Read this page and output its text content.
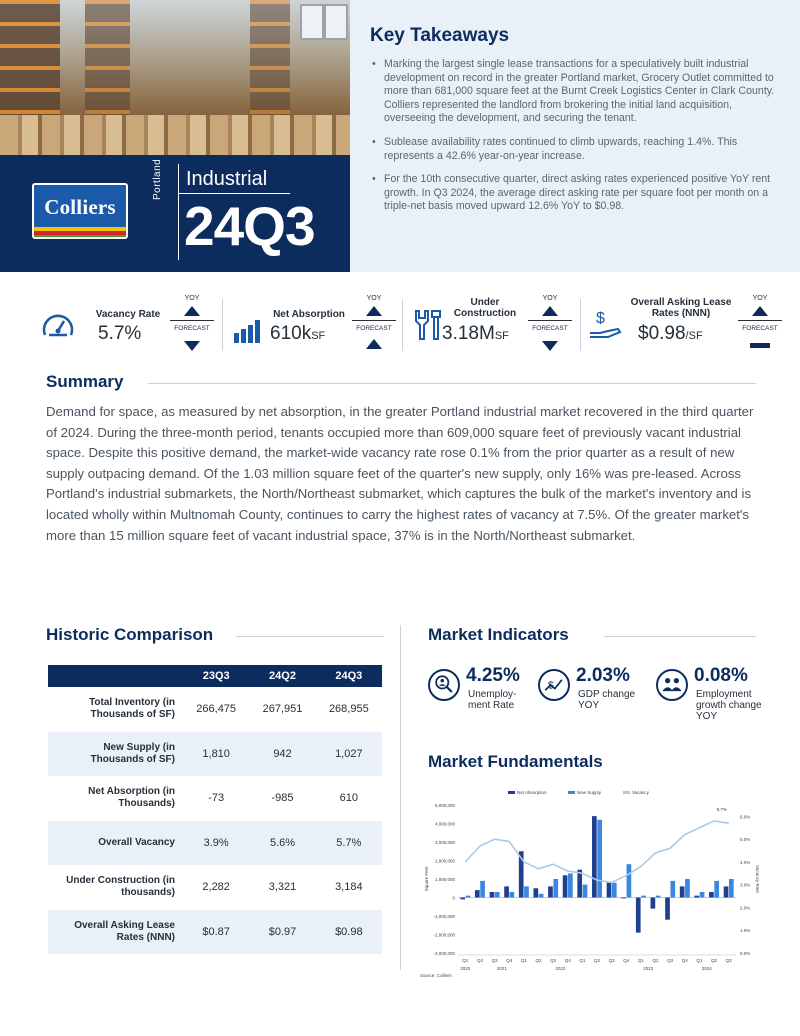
Colliers
Portland Industrial
24Q3
Key Takeaways
• Marking the largest single lease transactions for a speculatively built industrial development on record in the greater Portland market, Grocery Outlet committed to more than 681,000 square feet at the Burnt Creek Logistics Center in Clark County. Colliers represented the landlord from brokering the initial land acquisition, overseeing the development, and securing the tenant.
• Sublease availability rates continued to climb upwards, reaching 1.4%. This represents a 42.6% year-on-year increase.
• For the 10th consecutive quarter, direct asking rates experienced positive YoY rent growth. In Q3 2024, the average direct asking rate per square foot per month on a triple-net basis moved upward 12.6% YoY to $0.98.
Vacancy Rate
5.7%
YOY
FORECAST
Net Absorption
610kSF
YOY
FORECAST
Under Construction
3.18MSF
YOY
FORECAST
$
Overall Asking Lease Rates (NNN)
$0.98/SF
YOY
FORECAST
Summary
Demand for space, as measured by net absorption, in the greater Portland industrial market recovered in the third quarter of 2024. During the three-month period, tenants occupied more than 609,000 square feet of previously vacant industrial space. Despite this positive demand, the market-wide vacancy rate rose 0.1% from the prior quarter as a result of new supply outpacing demand. Of the 1.03 million square feet of the quarter's new supply, only 16% was pre-leased. Across Portland's industrial submarkets, the North/Northeast submarket, which captures the bulk of the market's inventory and is located wholly within Multnomah County, continues to carry the highest rates of vacancy at 7.5%. Of the greater market's more than 15 million square feet of vacant industrial space, 37% is in the North/Northeast submarket.
Historic Comparison
	23Q3	24Q2	24Q3
Total Inventory (in Thousands of SF)	266,475	267,951	268,955
New Supply (in Thousands of SF)	1,810	942	1,027
Net Absorption (in Thousands)	-73	-985	610
Overall Vacancy	3.9%	5.6%	5.7%
Under Construction (in thousands)	2,282	3,321	3,184
Overall Asking Lease Rates (NNN)	$0.87	$0.97	$0.98
Market Indicators
4.25%
Unemploy-ment Rate
$ 2.03%
GDP change YOY
0.08%
Employment growth change YOY
Market Fundamentals
5,000,000
4,000,000
3,000,000
2,000,000
1,000,000
0
-1,000,000
-2,000,000
-3,000,000
6.0%
5.0%
4.0%
3.0%
2.0%
1.0%
0.0%
Square Feet	Vacancy Rate
5.7%
Q1 Q2 Q3 Q4 Q1 Q2 Q3 Q4 Q1 Q2 Q3 Q4 Q1 Q2 Q3 Q4 Q1 Q2 Q3
2020	2021	2022	2023	2024
Source: Colliers
Net Absorption	New Supply	Vacancy
